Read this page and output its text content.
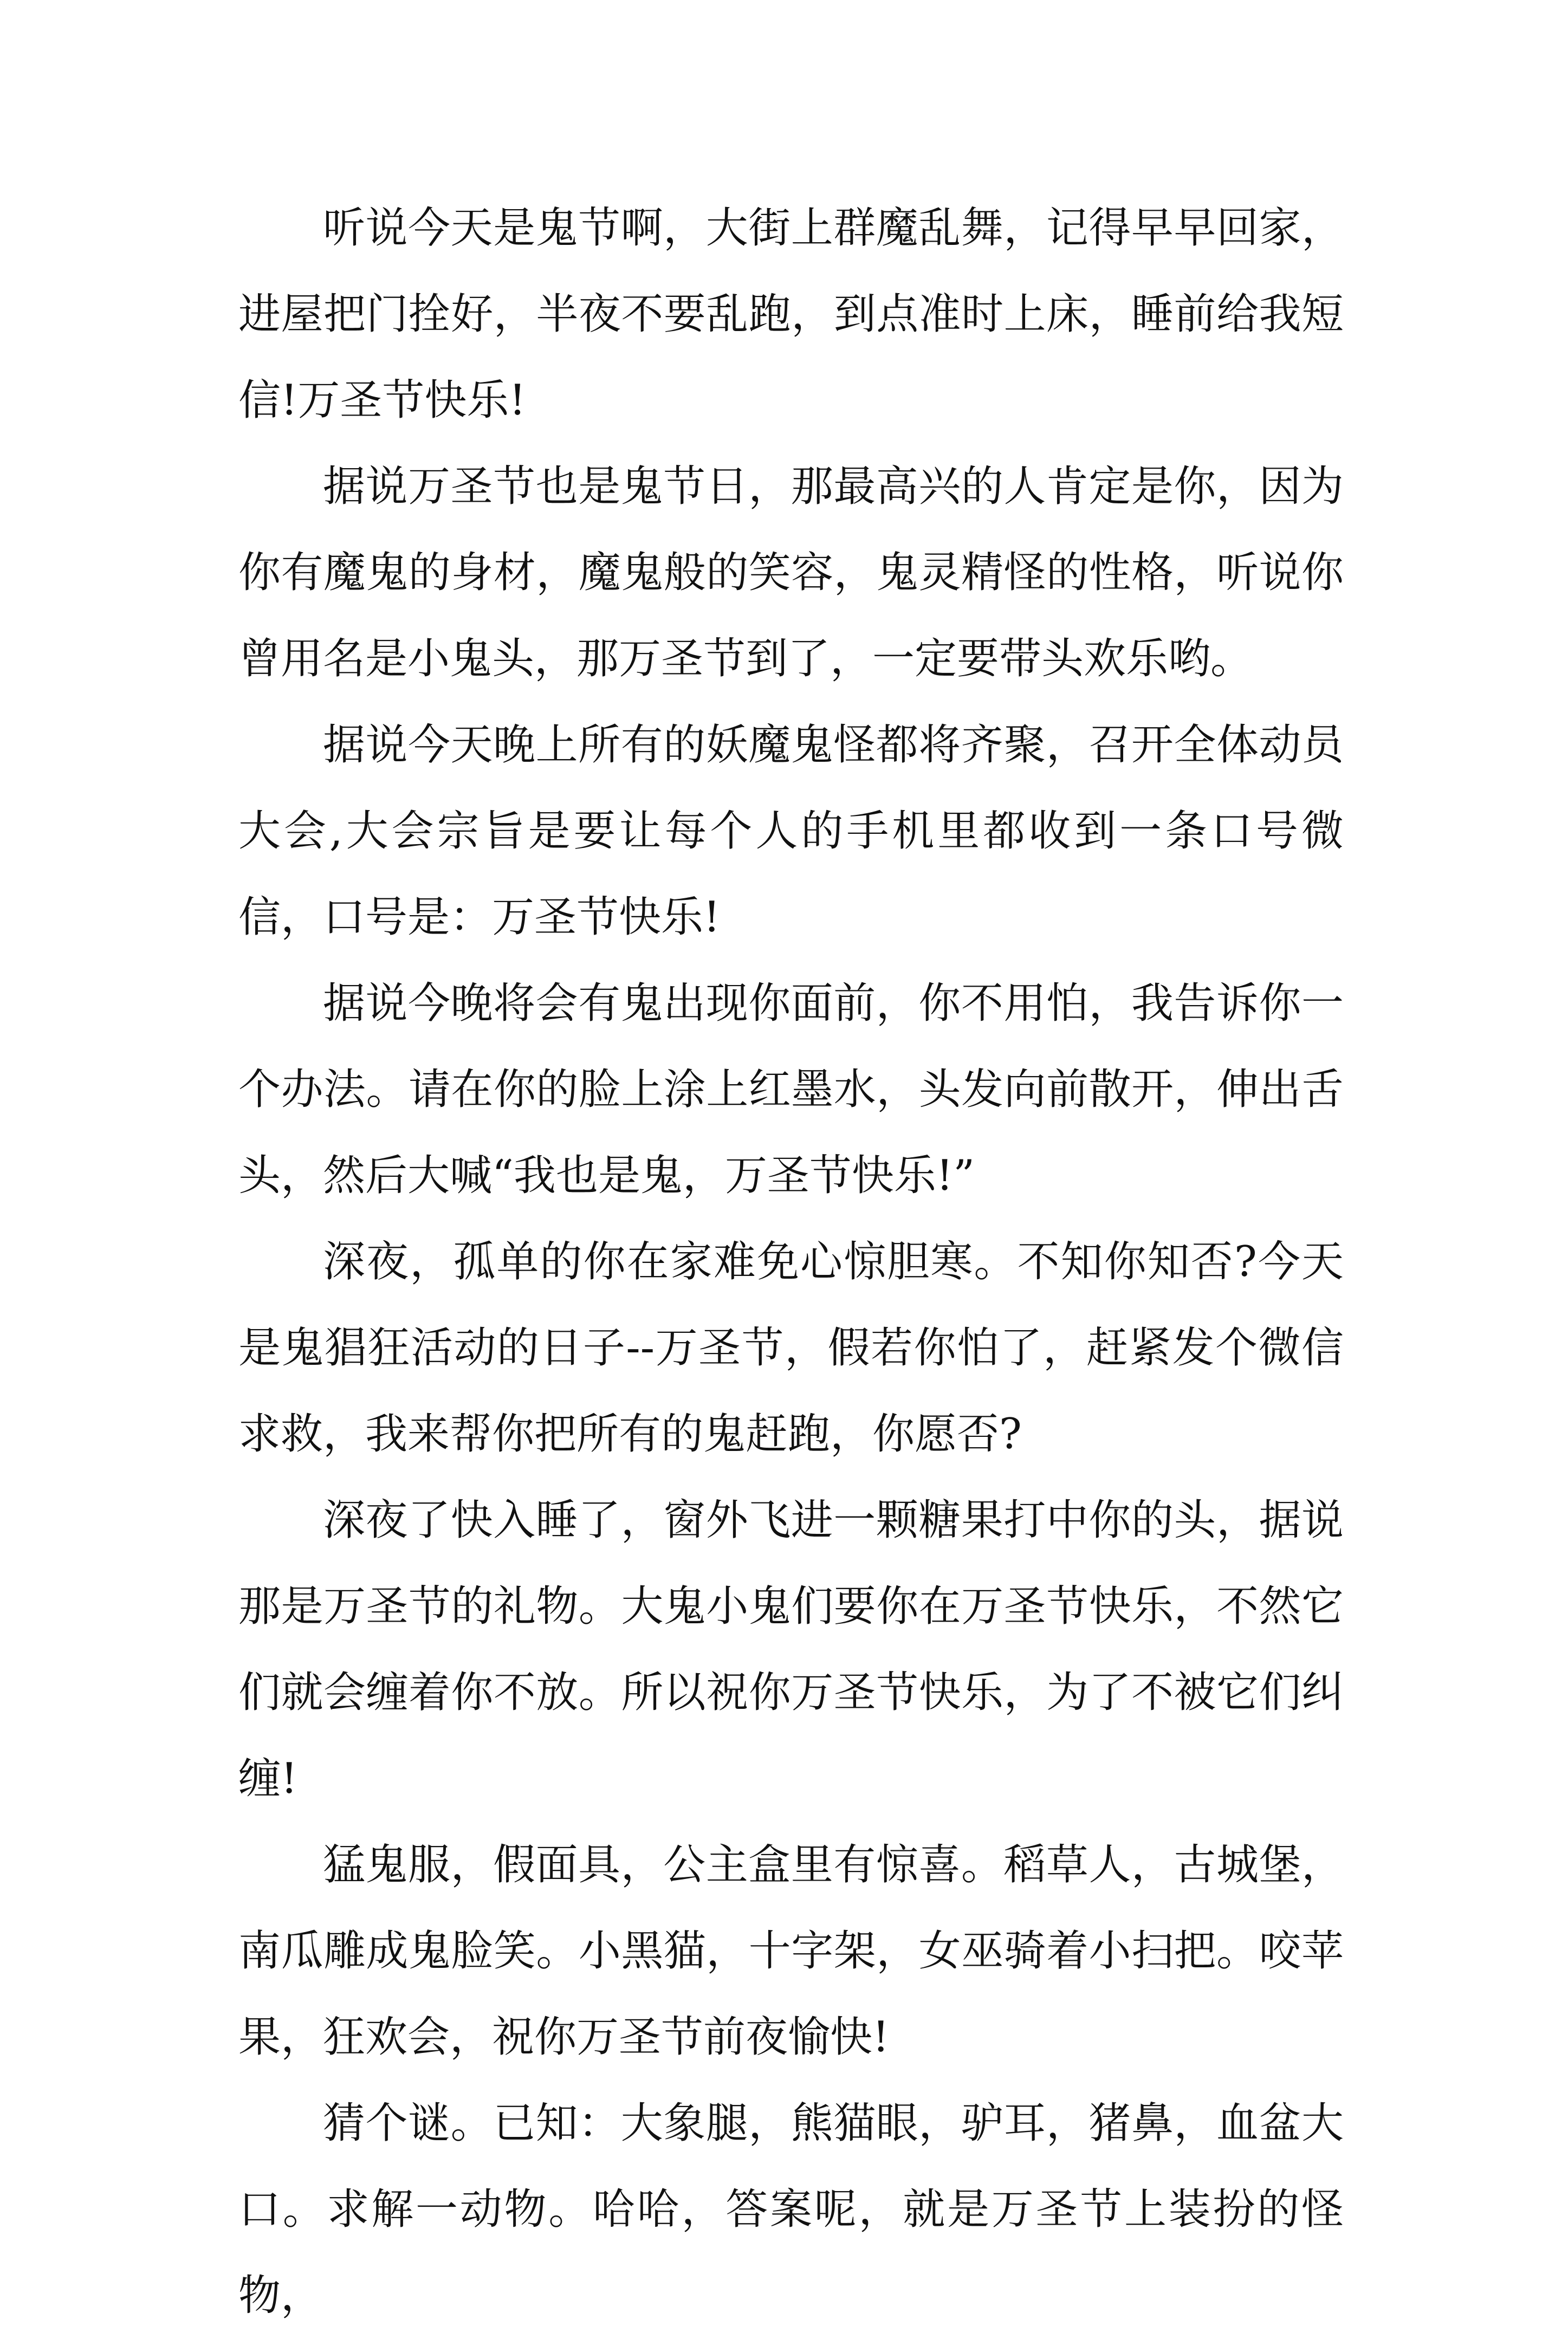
听说今天是鬼节啊，大街上群魔乱舞，记得早早回家，进屋把门拴好，半夜不要乱跑，到点准时上床，睡前给我短信!万圣节快乐!

据说万圣节也是鬼节日，那最高兴的人肯定是你，因为你有魔鬼的身材，魔鬼般的笑容，鬼灵精怪的性格，听说你曾用名是小鬼头，那万圣节到了，一定要带头欢乐哟。

据说今天晚上所有的妖魔鬼怪都将齐聚，召开全体动员大会,大会宗旨是要让每个人的手机里都收到一条口号微信，口号是：万圣节快乐!

据说今晚将会有鬼出现你面前，你不用怕，我告诉你一个办法。请在你的脸上涂上红墨水，头发向前散开，伸出舌头，然后大喊“我也是鬼，万圣节快乐!”

深夜，孤单的你在家难免心惊胆寒。不知你知否?今天是鬼猖狂活动的日子--万圣节，假若你怕了，赶紧发个微信求救，我来帮你把所有的鬼赶跑，你愿否?

深夜了快入睡了，窗外飞进一颗糖果打中你的头，据说那是万圣节的礼物。大鬼小鬼们要你在万圣节快乐，不然它们就会缠着你不放。所以祝你万圣节快乐，为了不被它们纠缠!

猛鬼服，假面具，公主盒里有惊喜。稻草人，古城堡，南瓜雕成鬼脸笑。小黑猫，十字架，女巫骑着小扫把。咬苹果，狂欢会，祝你万圣节前夜愉快!

猜个谜。已知：大象腿，熊猫眼，驴耳，猪鼻，血盆大口。求解一动物。哈哈，答案呢，就是万圣节上装扮的怪物，
